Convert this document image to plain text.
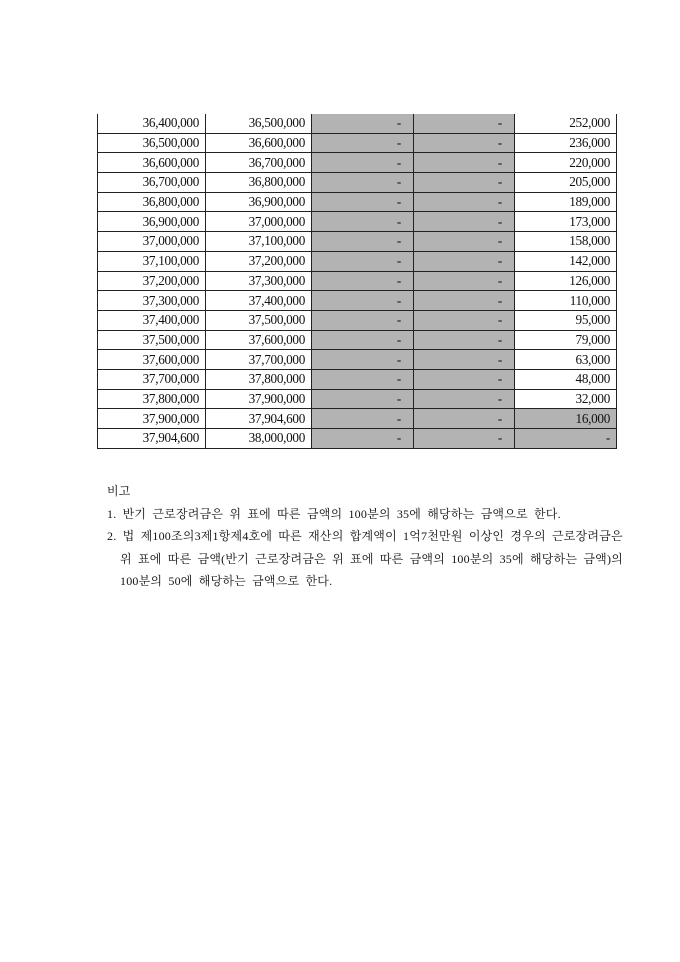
36,400,000	36,500,000	-	-	252,000
36,500,000	36,600,000	-	-	236,000
36,600,000	36,700,000	-	-	220,000
36,700,000	36,800,000	-	-	205,000
36,800,000	36,900,000	-	-	189,000
36,900,000	37,000,000	-	-	173,000
37,000,000	37,100,000	-	-	158,000
37,100,000	37,200,000	-	-	142,000
37,200,000	37,300,000	-	-	126,000
37,300,000	37,400,000	-	-	110,000
37,400,000	37,500,000	-	-	95,000
37,500,000	37,600,000	-	-	79,000
37,600,000	37,700,000	-	-	63,000
37,700,000	37,800,000	-	-	48,000
37,800,000	37,900,000	-	-	32,000
37,900,000	37,904,600	-	-	16,000
37,904,600	38,000,000	-	-	-
비고
1. 반기 근로장려금은 위 표에 따른 금액의 100분의 35에 해당하는 금액으로 한다.
2. 법 제100조의3제1항제4호에 따른 재산의 합계액이 1억7천만원 이상인 경우의 근로장려금은 위 표에 따른 금액(반기 근로장려금은 위 표에 따른 금액의 100분의 35에 해당하는 금액)의 100분의 50에 해당하는 금액으로 한다.
